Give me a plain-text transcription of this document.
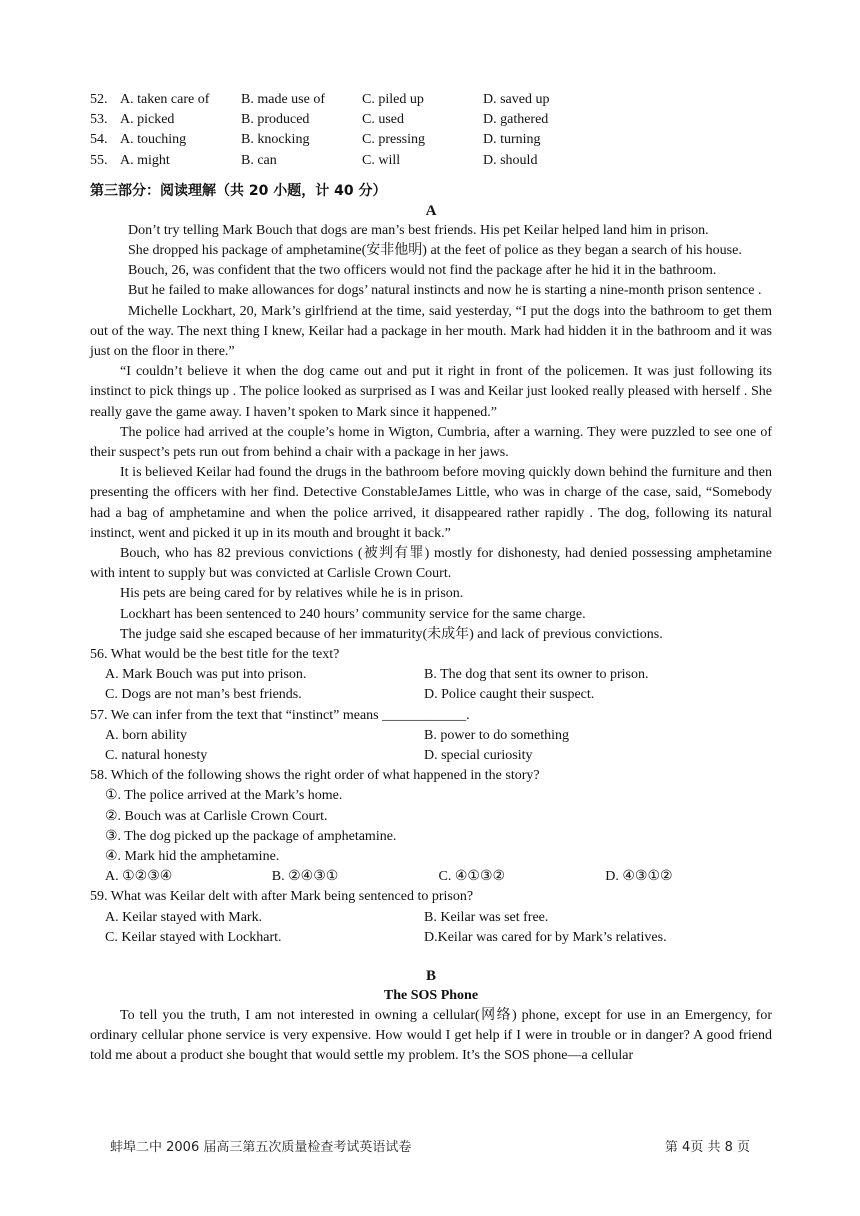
52. A. taken care of	B. made use of	C. piled up	D. saved up
53. A. picked	B. produced	C. used	D. gathered
54. A. touching	B. knocking	C. pressing	D. turning
55. A. might	B. can	C. will	D. should
第三部分：阅读理解（共 20 小题，计 40 分）
A

Don’t try telling Mark Bouch that dogs are man’s best friends. His pet Keilar helped land him in prison.

She dropped his package of amphetamine(安非他明) at the feet of police as they began a search of his house.

Bouch, 26, was confident that the two officers would not find the package after he hid it in the bathroom.

But he failed to make allowances for dogs’ natural instincts and now he is starting a nine-month prison sentence .

Michelle Lockhart, 20, Mark’s girlfriend at the time, said yesterday, “I put the dogs into the bathroom to get them out of the way. The next thing I knew, Keilar had a package in her mouth. Mark had hidden it in the bathroom and it was just on the floor in there.”

“I couldn’t believe it when the dog came out and put it right in front of the policemen. It was just following its instinct to pick things up . The police looked as surprised as I was and Keilar just looked really pleased with herself . She really gave the game away. I haven’t spoken to Mark since it happened.”

The police had arrived at the couple’s home in Wigton, Cumbria, after a warning. They were puzzled to see one of their suspect’s pets run out from behind a chair with a package in her jaws.

It is believed Keilar had found the drugs in the bathroom before moving quickly down behind the furniture and then presenting the officers with her find. Detective ConstableJames Little, who was in charge of the case, said, “Somebody had a bag of amphetamine and when the police arrived, it disappeared rather rapidly . The dog, following its natural instinct, went and picked it up in its mouth and brought it back.”

Bouch, who has 82 previous convictions (被判有罪) mostly for dishonesty, had denied possessing amphetamine with intent to supply but was convicted at Carlisle Crown Court.

His pets are being cared for by relatives while he is in prison.

Lockhart has been sentenced to 240 hours’ community service for the same charge.

The judge said she escaped because of her immaturity(未成年) and lack of previous convictions.

56. What would be the best title for the text?
A. Mark Bouch was put into prison.	B. The dog that sent its owner to prison.
C. Dogs are not man’s best friends.	D. Police caught their suspect.
57. We can infer from the text that “instinct” means ____________.
A. born ability	B. power to do something
C. natural honesty	D. special curiosity
58. Which of the following shows the right order of what happened in the story?
①. The police arrived at the Mark’s home.
②. Bouch was at Carlisle Crown Court.
③. The dog picked up the package of amphetamine.
④. Mark hid the amphetamine.
A. ①②③④	B. ②④③①	C. ④①③②	D. ④③①②
59. What was Keilar delt with after Mark being sentenced to prison?
A. Keilar stayed with Mark.	B. Keilar was set free.
C. Keilar stayed with Lockhart.	D.Keilar was cared for by Mark’s relatives.
B
The SOS Phone

To tell you the truth, I am not interested in owning a cellular(网络) phone, except for use in an Emergency, for ordinary cellular phone service is very expensive. How would I get help if I were in trouble or in danger? A good friend told me about a product she bought that would settle my problem. It’s the SOS phone—a cellular

蚌埠二中 2006 届高三第五次质量检查考试英语试卷	第 4页 共 8 页
